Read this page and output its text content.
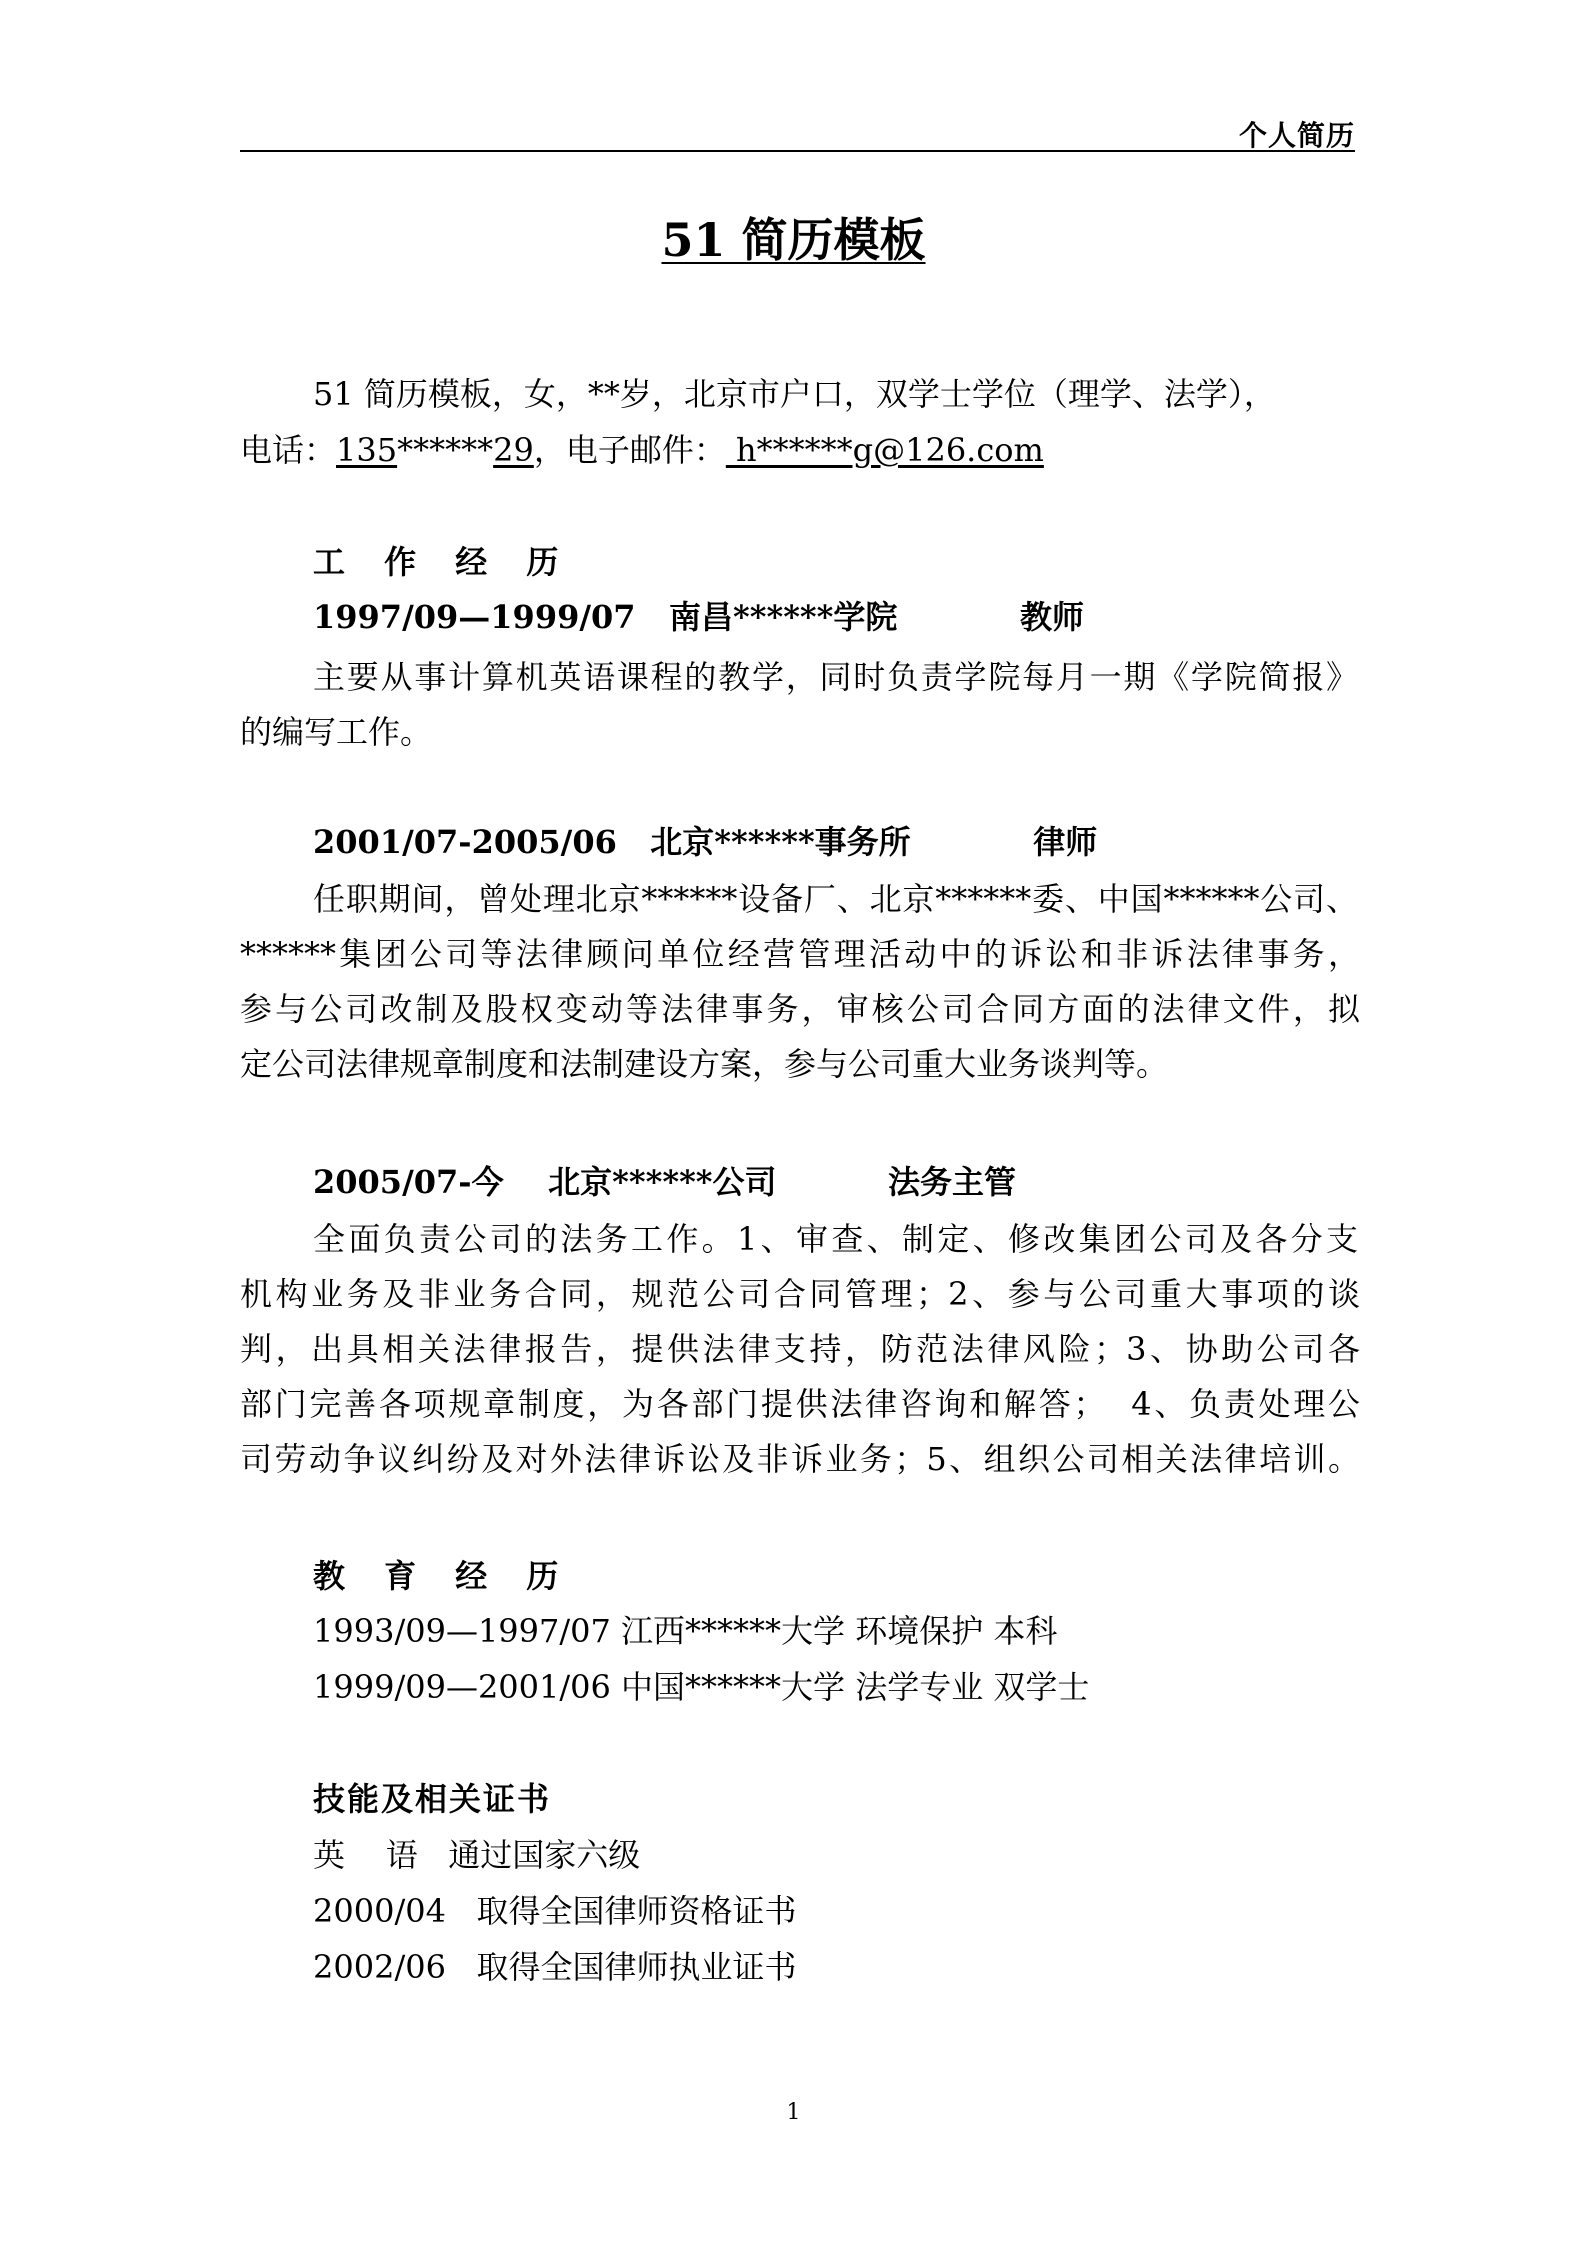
个人简历
51 简历模板
51 简历模板，女，**岁，北京市户口，双学士学位（理学、法学），
电话：135******29，电子邮件： h******g@126.com
工 作 经 历
1997/09—1999/07   南昌******学院           教师
主要从事计算机英语课程的教学，同时负责学院每月一期《学院简报》
的编写工作。
2001/07-2005/06   北京******事务所           律师
任职期间，曾处理北京******设备厂、北京******委、中国******公司、
******集团公司等法律顾问单位经营管理活动中的诉讼和非诉法律事务，
参与公司改制及股权变动等法律事务，审核公司合同方面的法律文件，拟
定公司法律规章制度和法制建设方案，参与公司重大业务谈判等。
2005/07-今    北京******公司          法务主管
全面负责公司的法务工作。1、审查、制定、修改集团公司及各分支
机构业务及非业务合同，规范公司合同管理；2、参与公司重大事项的谈
判，出具相关法律报告，提供法律支持，防范法律风险；3、协助公司各
部门完善各项规章制度，为各部门提供法律咨询和解答；  4、负责处理公
司劳动争议纠纷及对外法律诉讼及非诉业务；5、组织公司相关法律培训。
教 育 经 历
1993/09—1997/07 江西******大学 环境保护 本科
1999/09—2001/06 中国******大学 法学专业 双学士
技能及相关证书
英    语   通过国家六级
2000/04   取得全国律师资格证书
2002/06   取得全国律师执业证书
1
